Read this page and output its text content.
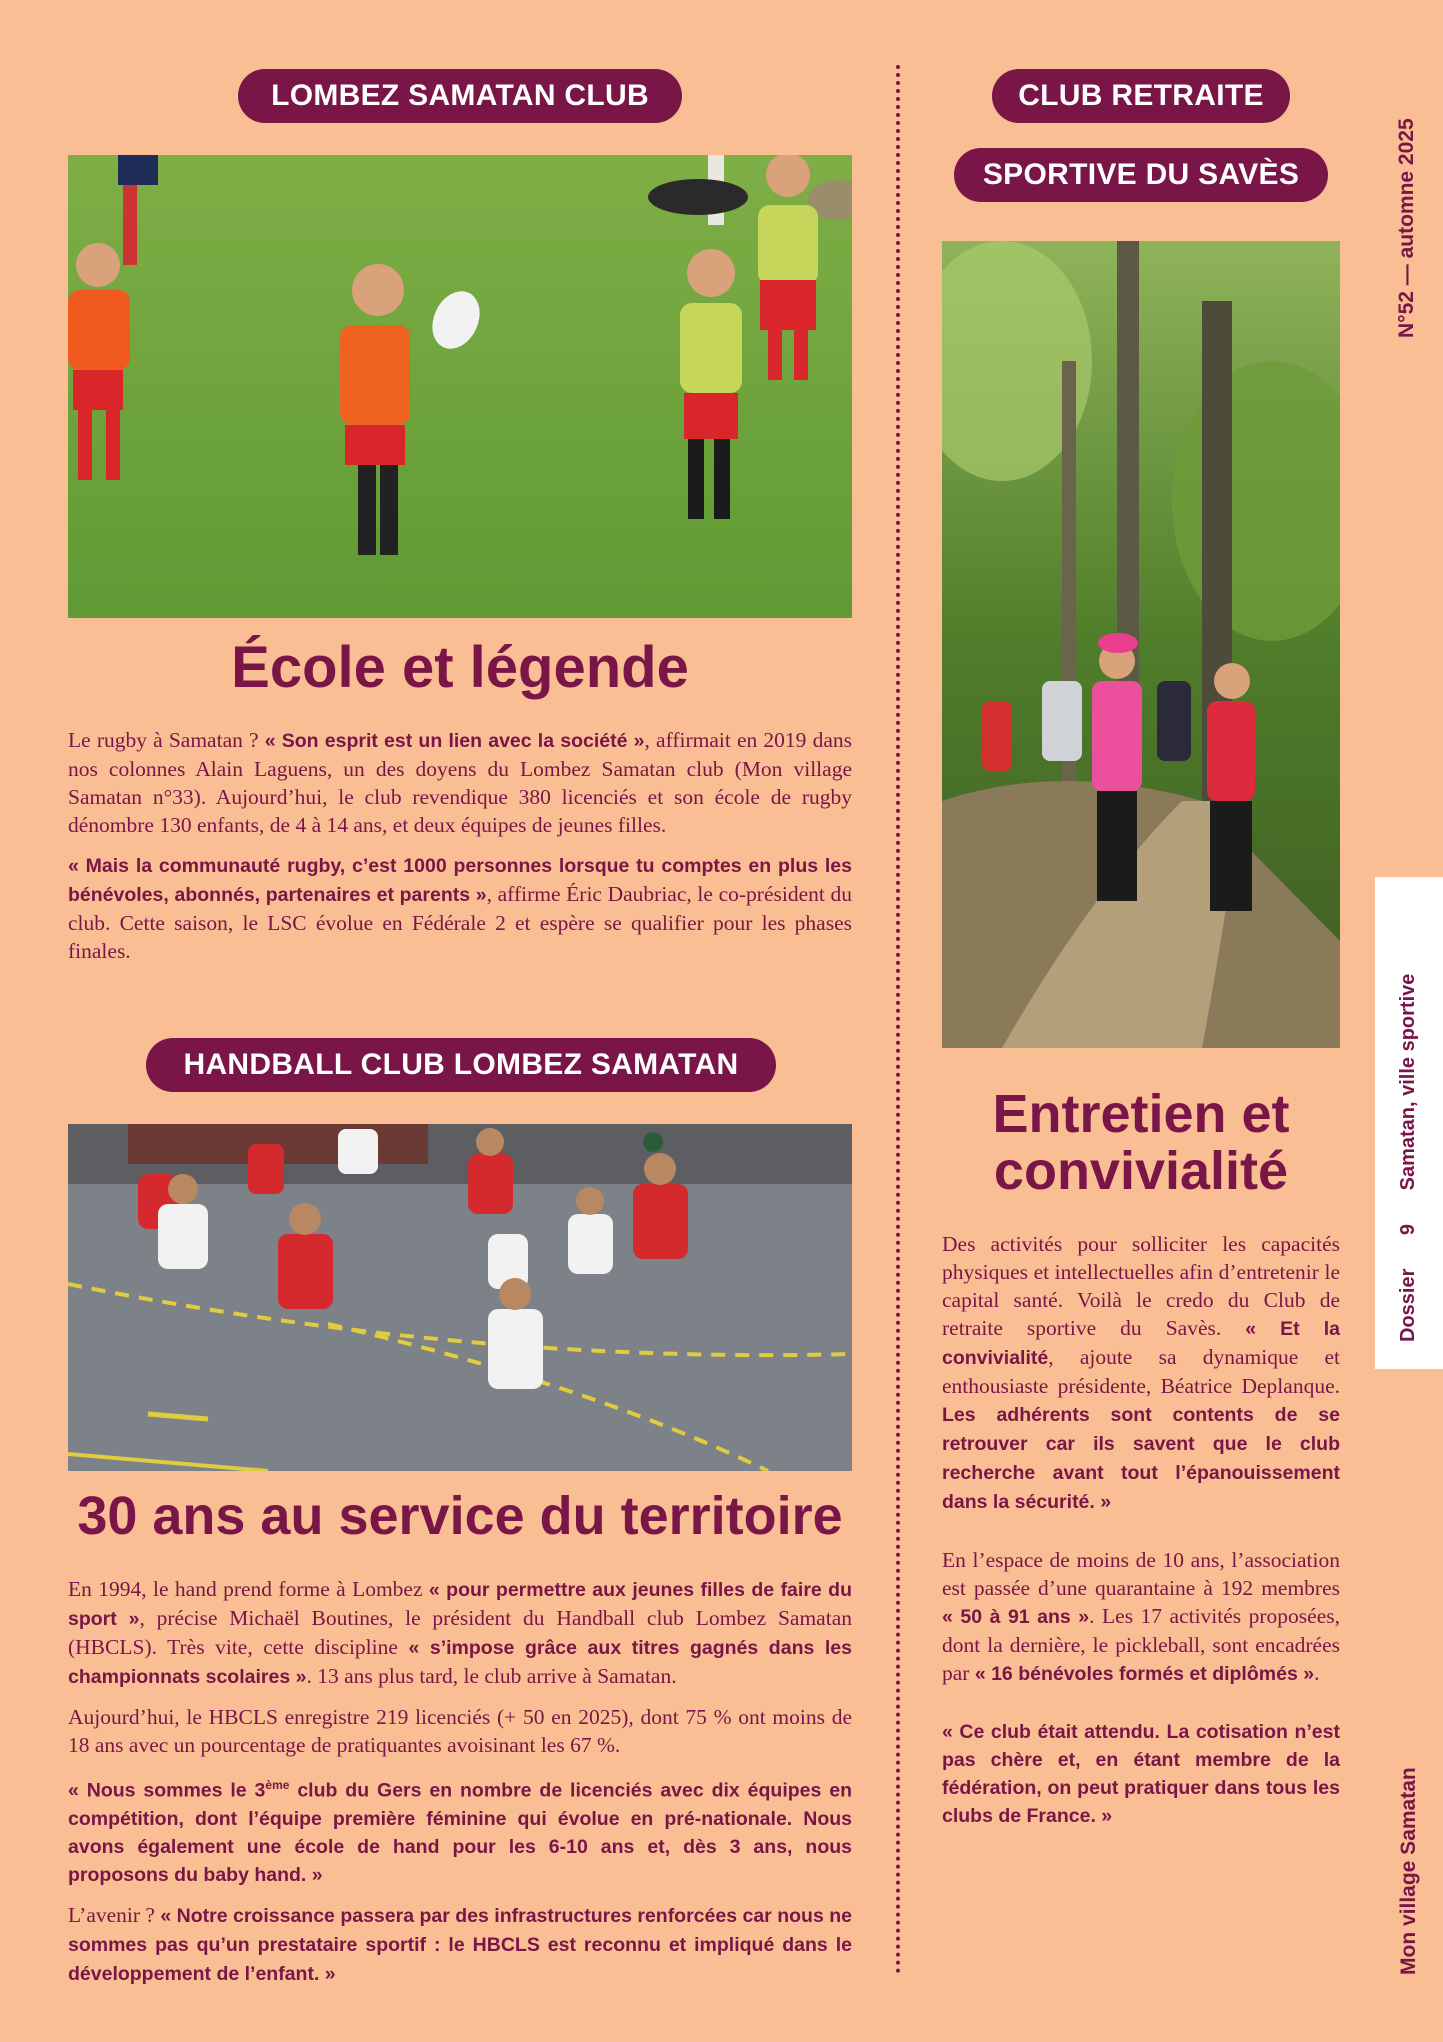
LOMBEZ SAMATAN CLUB
École et légende

Le rugby à Samatan ? « Son esprit est un lien avec la société », affirmait en 2019 dans nos colonnes Alain Laguens, un des doyens du Lombez Samatan club (Mon village Samatan n°33). Aujourd’hui, le club revendique 380 licenciés et son école de rugby dénombre 130 enfants, de 4 à 14 ans, et deux équipes de jeunes filles.

« Mais la communauté rugby, c’est 1000 personnes lorsque tu comptes en plus les bénévoles, abonnés, partenaires et parents », affirme Éric Daubriac, le co-président du club. Cette saison, le LSC évolue en Fédérale 2 et espère se qualifier pour les phases finales.

HANDBALL CLUB LOMBEZ SAMATAN
30 ans au service du territoire

En 1994, le hand prend forme à Lombez « pour permettre aux jeunes filles de faire du sport », précise Michaël Boutines, le président du Handball club Lombez Samatan (HBCLS). Très vite, cette discipline « s’impose grâce aux titres gagnés dans les championnats scolaires ». 13 ans plus tard, le club arrive à Samatan.

Aujourd’hui, le HBCLS enregistre 219 licenciés (+ 50 en 2025), dont 75 % ont moins de 18 ans avec un pourcentage de pratiquantes avoisinant les 67 %.

« Nous sommes le 3ème club du Gers en nombre de licenciés avec dix équipes en compétition, dont l’équipe première féminine qui évolue en pré-nationale. Nous avons également une école de hand pour les 6-10 ans et, dès 3 ans, nous proposons du baby hand. »

L’avenir ? « Notre croissance passera par des infrastructures renforcées car nous ne sommes pas qu’un prestataire sportif : le HBCLS est reconnu et impliqué dans le développement de l’enfant. »

CLUB RETRAITE
SPORTIVE DU SAVÈS
Entretien et
convivialité

Des activités pour solliciter les capacités physiques et intellectuelles afin d’entretenir le capital santé. Voilà le credo du Club de retraite sportive du Savès. « Et la convivialité, ajoute sa dynamique et enthousiaste présidente, Béatrice Deplanque. Les adhérents sont contents de se retrouver car ils savent que le club recherche avant tout l’épanouissement dans la sécurité. »

En l’espace de moins de 10 ans, l’association est passée d’une quarantaine à 192 membres « 50 à 91 ans ». Les 17 activités proposées, dont la dernière, le pickleball, sont encadrées par « 16 bénévoles formés et diplômés ».

« Ce club était attendu. La cotisation n’est pas chère et, en étant membre de la fédération, on peut pratiquer dans tous les clubs de France. »

N°52 — automne 2025
Dossier 9 Samatan, ville sportive
Mon village Samatan
